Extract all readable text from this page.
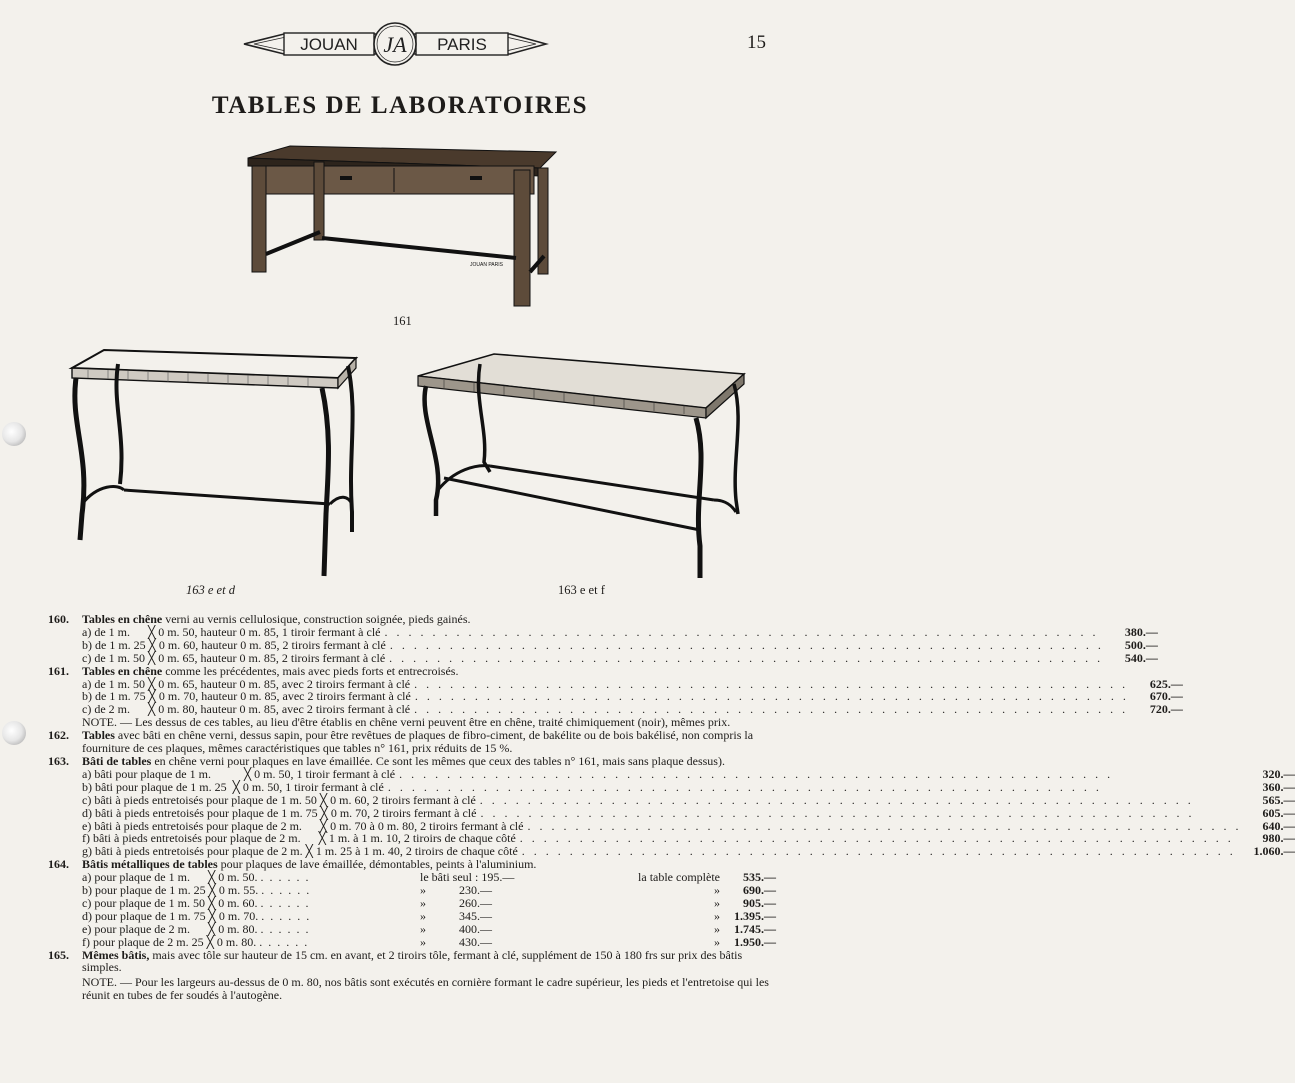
JOUAN	PARIS
JA	15
TABLES DE LABORATOIRES
JOUAN PARIS
161
163 e et d	163 e et f
160.	Tables en chêne verni au vernis cellulosique, construction soignée, pieds gainés.
a) de 1 m.      ╳ 0 m. 50, hauteur 0 m. 85, 1 tiroir fermant à clé . . . . . . . . . . . . . . . . . . . . . . . . . . . . . . . . . . . . . . . . . . . . . . . . . . . . . . . . . . . .	380.—
b) de 1 m. 25 ╳ 0 m. 60, hauteur 0 m. 85, 2 tiroirs fermant à clé . . . . . . . . . . . . . . . . . . . . . . . . . . . . . . . . . . . . . . . . . . . . . . . . . . . . . . . . . . . .	500.—
c) de 1 m. 50 ╳ 0 m. 65, hauteur 0 m. 85, 2 tiroirs fermant à clé . . . . . . . . . . . . . . . . . . . . . . . . . . . . . . . . . . . . . . . . . . . . . . . . . . . . . . . . . . . .	540.—
161.	Tables en chêne comme les précédentes, mais avec pieds forts et entrecroisés.
a) de 1 m. 50 ╳ 0 m. 65, hauteur 0 m. 85, avec 2 tiroirs fermant à clé . . . . . . . . . . . . . . . . . . . . . . . . . . . . . . . . . . . . . . . . . . . . . . . . . . . . . . . . . . . .	625.—
b) de 1 m. 75 ╳ 0 m. 70, hauteur 0 m. 85, avec 2 tiroirs fermant à clé . . . . . . . . . . . . . . . . . . . . . . . . . . . . . . . . . . . . . . . . . . . . . . . . . . . . . . . . . . . .	670.—
c) de 2 m.      ╳ 0 m. 80, hauteur 0 m. 85, avec 2 tiroirs fermant à clé . . . . . . . . . . . . . . . . . . . . . . . . . . . . . . . . . . . . . . . . . . . . . . . . . . . . . . . . . . . .	720.—
NOTE. — Les dessus de ces tables, au lieu d'être établis en chêne verni peuvent être en chêne, traité chimiquement (noir), mêmes prix.
162.	Tables avec bâti en chêne verni, dessus sapin, pour être revêtues de plaques de fibro-ciment, de bakélite ou de bois bakélisé, non compris la fourniture de ces plaques, mêmes caractéristiques que tables n° 161, prix réduits de 15 %.
163.	Bâti de tables en chêne verni pour plaques en lave émaillée. Ce sont les mêmes que ceux des tables n° 161, mais sans plaque dessus).
a) bâti pour plaque de 1 m.           ╳ 0 m. 50, 1 tiroir fermant à clé . . . . . . . . . . . . . . . . . . . . . . . . . . . . . . . . . . . . . . . . . . . . . . . . . . . . . . . . . . . .	320.—
b) bâti pour plaque de 1 m. 25  ╳ 0 m. 50, 1 tiroir fermant à clé . . . . . . . . . . . . . . . . . . . . . . . . . . . . . . . . . . . . . . . . . . . . . . . . . . . . . . . . . . . .	360.—
c) bâti à pieds entretoisés pour plaque de 1 m. 50 ╳ 0 m. 60, 2 tiroirs fermant à clé . . . . . . . . . . . . . . . . . . . . . . . . . . . . . . . . . . . . . . . . . . . . . . . . . . . . . . . . . . . .	565.—
d) bâti à pieds entretoisés pour plaque de 1 m. 75 ╳ 0 m. 70, 2 tiroirs fermant à clé . . . . . . . . . . . . . . . . . . . . . . . . . . . . . . . . . . . . . . . . . . . . . . . . . . . . . . . . . . . .	605.—
e) bâti à pieds entretoisés pour plaque de 2 m.      ╳ 0 m. 70 à 0 m. 80, 2 tiroirs fermant à clé . . . . . . . . . . . . . . . . . . . . . . . . . . . . . . . . . . . . . . . . . . . . . . . . . . . . . . . . . . . .	640.—
f) bâti à pieds entretoisés pour plaque de 2 m.      ╳ 1 m. à 1 m. 10, 2 tiroirs de chaque côté . . . . . . . . . . . . . . . . . . . . . . . . . . . . . . . . . . . . . . . . . . . . . . . . . . . . . . . . . . . .	980.—
g) bâti à pieds entretoisés pour plaque de 2 m. ╳ 1 m. 25 à 1 m. 40, 2 tiroirs de chaque côté . . . . . . . . . . . . . . . . . . . . . . . . . . . . . . . . . . . . . . . . . . . . . . . . . . . . . . . . . . . .	1.060.—
164.	Bâtis métalliques de tables pour plaques de lave émaillée, démontables, peints à l'aluminium.
a) pour plaque de 1 m.      ╳ 0 m. 50. .  .  .  .  .  .	le bâti seul : 195.—	la table complète	535.—
b) pour plaque de 1 m. 25 ╳ 0 m. 55. .  .  .  .  .  .	»           230.—	»	690.—
c) pour plaque de 1 m. 50 ╳ 0 m. 60. .  .  .  .  .  .	»           260.—	»	905.—
d) pour plaque de 1 m. 75 ╳ 0 m. 70. .  .  .  .  .  .	»           345.—	»	1.395.—
e) pour plaque de 2 m.      ╳ 0 m. 80. .  .  .  .  .  .	»           400.—	»	1.745.—
f) pour plaque de 2 m. 25 ╳ 0 m. 80. .  .  .  .  .  .	»           430.—	»	1.950.—
165.	Mêmes bâtis, mais avec tôle sur hauteur de 15 cm. en avant, et 2 tiroirs tôle, fermant à clé, supplément de 150 à 180 frs sur prix des bâtis simples.
NOTE. — Pour les largeurs au-dessus de 0 m. 80, nos bâtis sont exécutés en cornière formant le cadre supérieur, les pieds et l'entretoise qui les réunit en tubes de fer soudés à l'autogène.
